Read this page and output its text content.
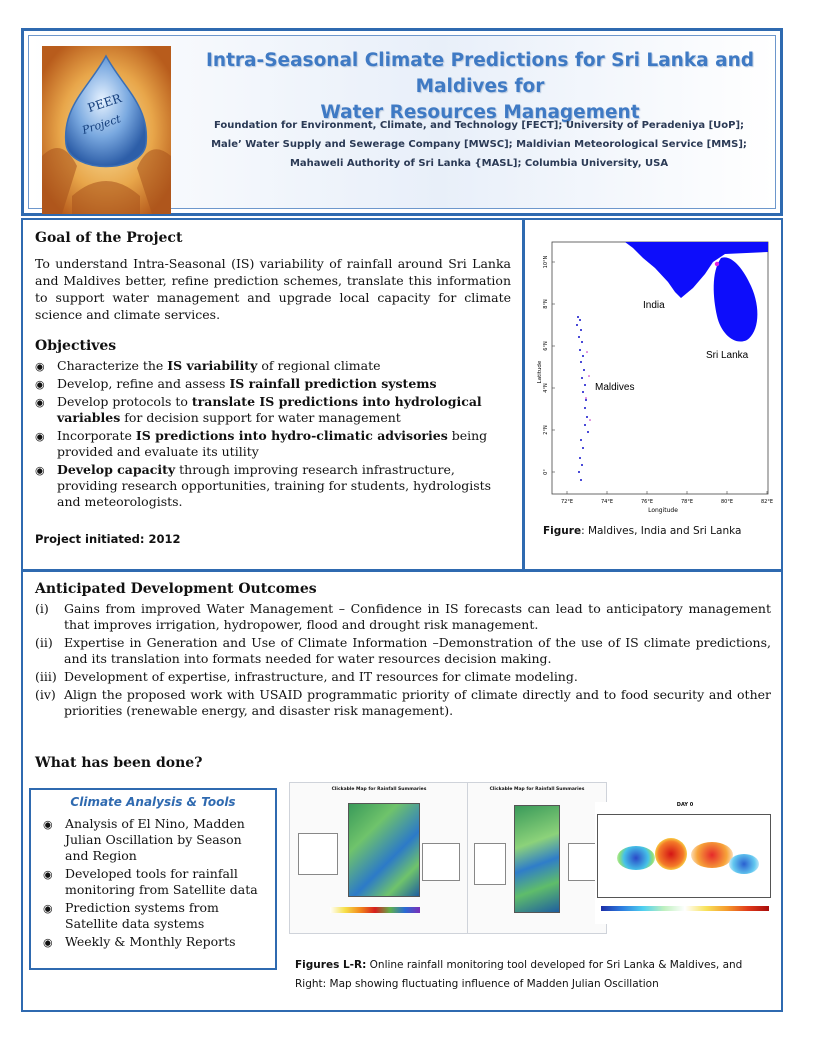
PEER
Project
Intra-Seasonal Climate Predictions for Sri Lanka and Maldives for
Water Resources Management
Foundation for Environment, Climate, and Technology [FECT]; University of Peradeniya [UoP];
Male’ Water Supply and Sewerage Company [MWSC]; Maldivian Meteorological Service [MMS];
Mahaweli Authority of Sri Lanka {MASL]; Columbia University, USA
Goal of the Project

To understand Intra-Seasonal (IS) variability of rainfall around Sri Lanka and Maldives better, refine prediction schemes, translate this information to support water management and upgrade local capacity for climate science and climate services.

Objectives
◉ Characterize the IS variability of regional climate
◉ Develop, refine and assess IS rainfall prediction systems
◉ Develop protocols to translate IS predictions into hydrological variables for decision support for water management
◉ Incorporate IS predictions into hydro-climatic advisories being provided and evaluate its utility
◉ Develop capacity through improving research infrastructure, providing research opportunities, training for students, hydrologists and meteorologists.
Project initiated: 2012
India
Sri Lanka
Maldives
10°N
8°N
6°N
4°N
2°N
0°
72°E	74°E	76°E	78°E	80°E	82°E
Latitude
Longitude
Figure: Maldives, India and Sri Lanka
Anticipated Development Outcomes
(i) Gains from improved Water Management – Confidence in IS forecasts can lead to anticipatory management that improves irrigation, hydropower, flood and drought risk management.
(ii) Expertise in Generation and Use of Climate Information –Demonstration of the use of IS climate predictions, and its translation into formats needed for water resources decision making.
(iii) Development of expertise, infrastructure, and IT resources for climate modeling.
(iv) Align the proposed work with USAID programmatic priority of climate directly and to food security and other priorities (renewable energy, and disaster risk management).
What has been done?
Clickable Map for Rainfall Summaries	Clickable Map for Rainfall Summaries
DAY 0
Figures L-R: Online rainfall monitoring tool developed for Sri Lanka & Maldives, and
Right: Map showing fluctuating influence of Madden Julian Oscillation
Climate Analysis & Tools
◉ Analysis of El Nino, Madden Julian Oscillation by Season and Region
◉ Developed tools for rainfall monitoring from Satellite data
◉ Prediction systems from Satellite data systems
◉ Weekly & Monthly Reports
